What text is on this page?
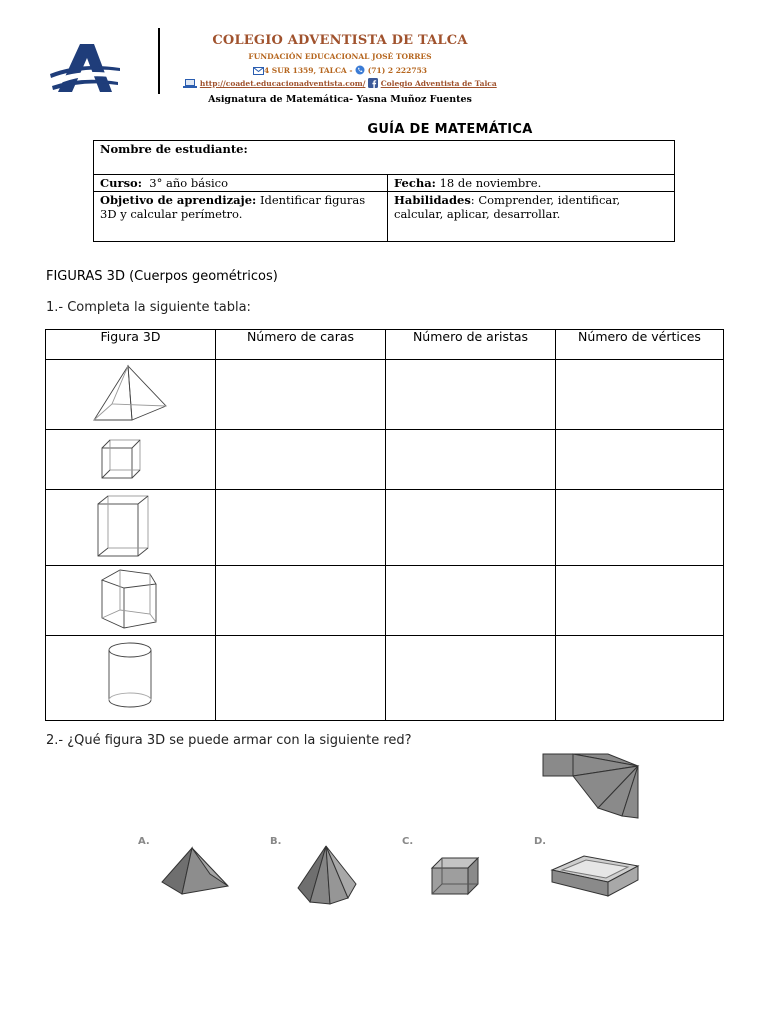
COLEGIO ADVENTISTA DE TALCA
FUNDACIÓN EDUCACIONAL JOSÉ TORRES
4 SUR 1359, TALCA - (71) 2 222753
http://coadet.educacionadventista.com/ Colegio Adventista de Talca
Asignatura de Matemática- Yasna Muñoz Fuentes
GUÍA DE MATEMÁTICA
Nombre de estudiante:	
Curso: 3° año básico	Fecha: 18 de noviembre.
Objetivo de aprendizaje: Identificar figuras 3D y calcular perímetro.	Habilidades: Comprender, identificar, calcular, aplicar, desarrollar.
FIGURAS 3D (Cuerpos geométricos)
1.- Completa la siguiente tabla:
Figura 3D	Número de caras	Número de aristas	Número de vértices

2.- ¿Qué figura 3D se puede armar con la siguiente red?
A.	B.	C.	D.
